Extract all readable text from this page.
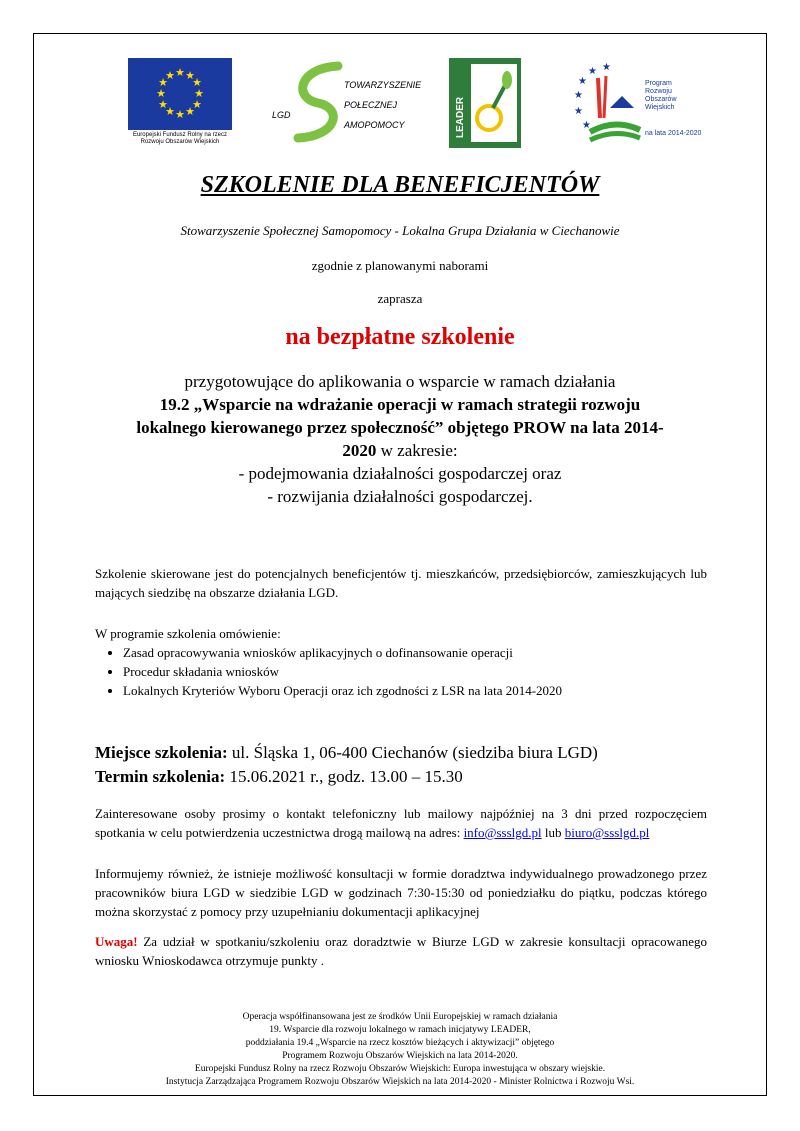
★ ★
★
★
★
★
★
★
★
★
★
★
Europejski Fundusz Rolny na rzecz Rozwoju Obszarów Wiejskich
LGD
TOWARZYSZENIE
POŁECZNEJ
AMOPOMOCY	LEADER
★
★
★ ★
★
★
Program
Rozwoju
Obszarów
Wiejskich
na lata 2014-2020
SZKOLENIE DLA BENEFICJENTÓW
Stowarzyszenie Społecznej Samopomocy - Lokalna Grupa Działania w Ciechanowie
zgodnie z planowanymi naborami
zaprasza
na bezpłatne szkolenie
przygotowujące do aplikowania o wsparcie w ramach działania
19.2 „Wsparcie na wdrażanie operacji w ramach strategii rozwoju
lokalnego kierowanego przez społeczność” objętego PROW na lata 2014-
2020 w zakresie:
- podejmowania działalności gospodarczej oraz
- rozwijania działalności gospodarczej.
Szkolenie skierowane jest do potencjalnych beneficjentów tj. mieszkańców, przedsiębiorców, zamieszkujących lub mających siedzibę na obszarze działania LGD.
W programie szkolenia omówienie:
• Zasad opracowywania wniosków aplikacyjnych o dofinansowanie operacji
• Procedur składania wniosków
• Lokalnych Kryteriów Wyboru Operacji oraz ich zgodności z LSR na lata 2014-2020
Miejsce szkolenia: ul. Śląska 1, 06-400 Ciechanów (siedziba biura LGD)
Termin szkolenia: 15.06.2021 r., godz. 13.00 – 15.30
Zainteresowane osoby prosimy o kontakt telefoniczny lub mailowy najpóźniej na 3 dni przed rozpoczęciem spotkania w celu potwierdzenia uczestnictwa drogą mailową na adres: info@ssslgd.pl lub biuro@ssslgd.pl
Informujemy również, że istnieje możliwość konsultacji w formie doradztwa indywidualnego prowadzonego przez pracowników biura LGD w siedzibie LGD w godzinach 7:30-15:30 od poniedziałku do piątku, podczas którego można skorzystać z pomocy przy uzupełnianiu dokumentacji aplikacyjnej
Uwaga! Za udział w spotkaniu/szkoleniu oraz doradztwie w Biurze LGD w zakresie konsultacji opracowanego wniosku Wnioskodawca otrzymuje punkty .
Operacja współfinansowana jest ze środków Unii Europejskiej w ramach działania
19. Wsparcie dla rozwoju lokalnego w ramach inicjatywy LEADER,
poddziałania 19.4 „Wsparcie na rzecz kosztów bieżących i aktywizacji” objętego
Programem Rozwoju Obszarów Wiejskich na lata 2014-2020.
Europejski Fundusz Rolny na rzecz Rozwoju Obszarów Wiejskich: Europa inwestująca w obszary wiejskie.
Instytucja Zarządzająca Programem Rozwoju Obszarów Wiejskich na lata 2014-2020 - Minister Rolnictwa i Rozwoju Wsi.
